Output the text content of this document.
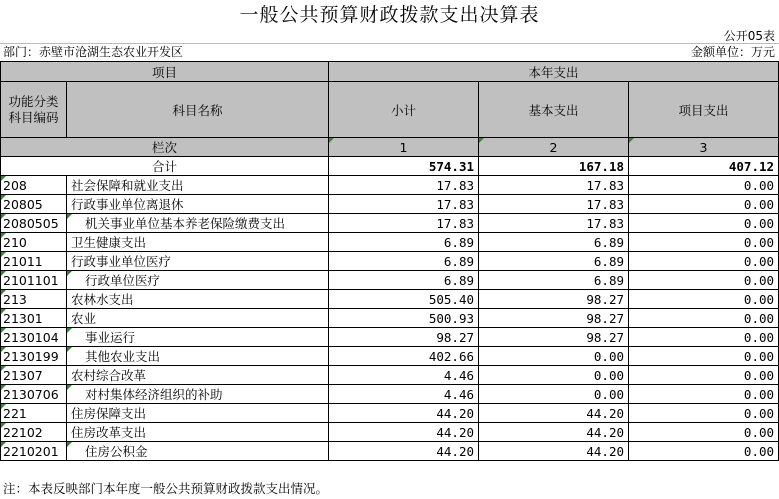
一般公共预算财政拨款支出决算表
公开05表
部门：赤壁市沧湖生态农业开发区	金额单位：万元
项目		本年支出		
功能分类
科目编码	科目名称	小计	基本支出	项目支出
栏次		1	2	3
合计		574.31	167.18	407.12

208	社会保障和就业支出	17.83	17.83	0.00

20805	行政事业单位离退休	17.83	17.83	0.00

2080505	机关事业单位基本养老保险缴费支出	17.83	17.83	0.00

210	卫生健康支出	6.89	6.89	0.00

21011	行政事业单位医疗	6.89	6.89	0.00

2101101	行政单位医疗	6.89	6.89	0.00

213	农林水支出	505.40	98.27	0.00

21301	农业	500.93	98.27	0.00

2130104	事业运行	98.27	98.27	0.00

2130199	其他农业支出	402.66	0.00	0.00

21307	农村综合改革	4.46	0.00	0.00

2130706	对村集体经济组织的补助	4.46	0.00	0.00

221	住房保障支出	44.20	44.20	0.00

22102	住房改革支出	44.20	44.20	0.00

2210201	住房公积金	44.20	44.20	0.00
注：本表反映部门本年度一般公共预算财政拨款支出情况。
